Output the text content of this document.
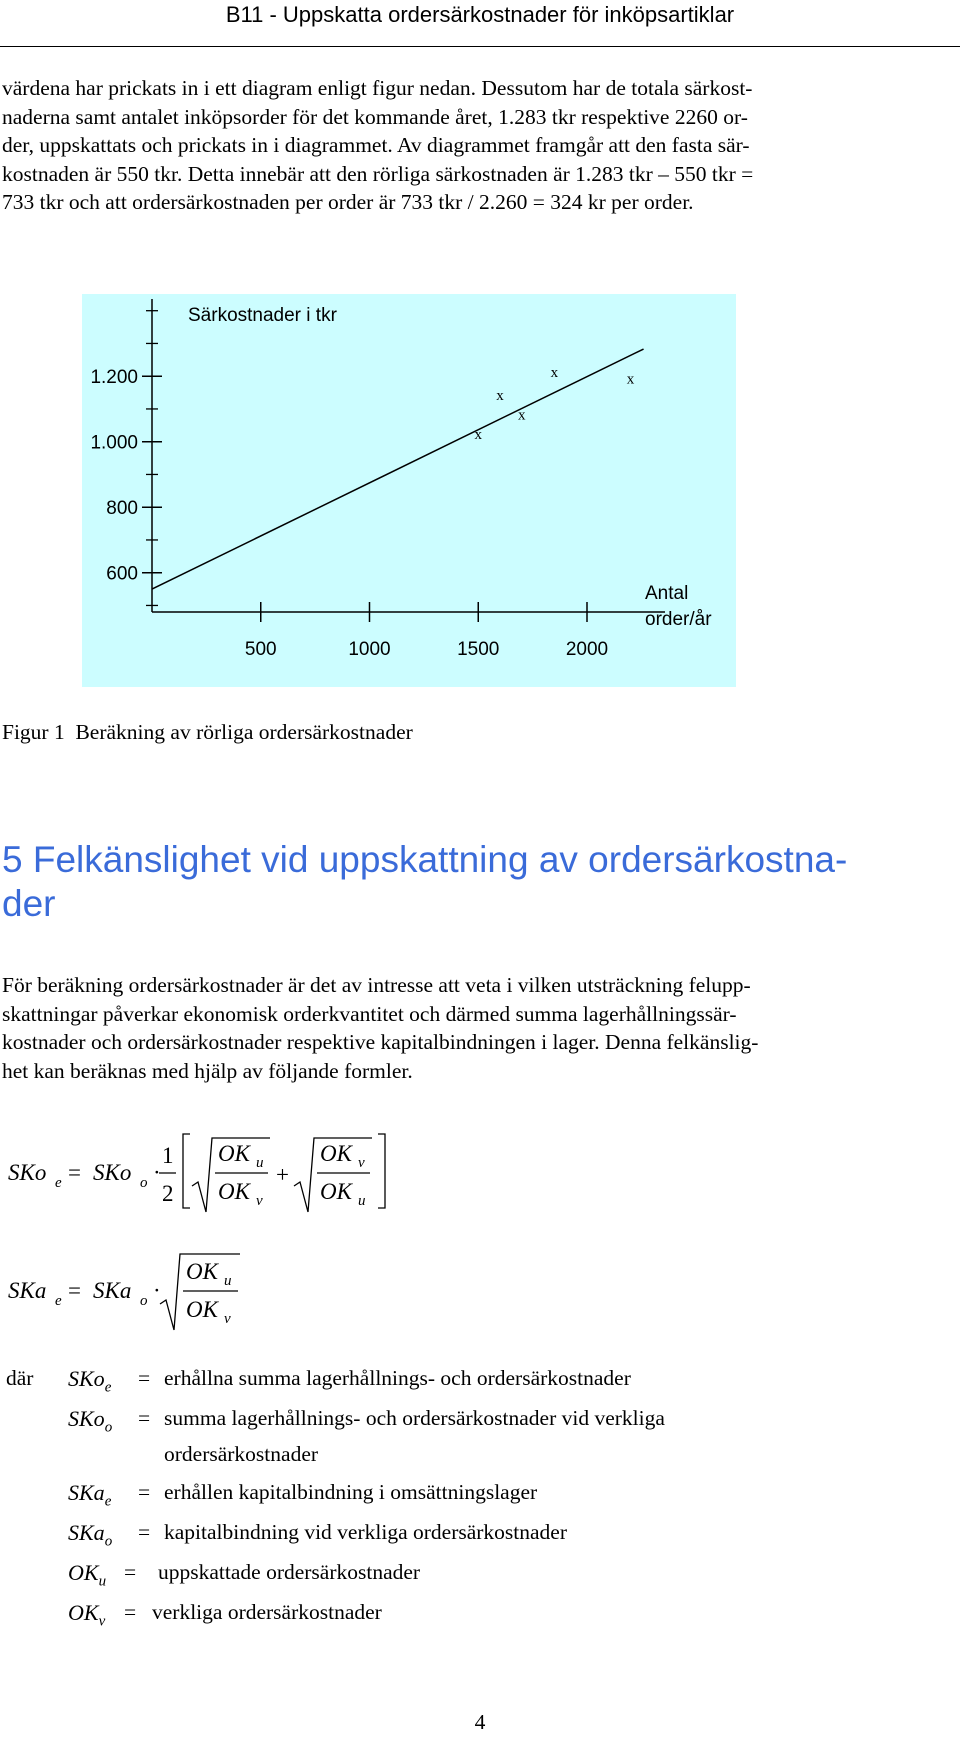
B11 - Uppskatta ordersärkostnader för inköpsartiklar
värdena har prickats in i ett diagram enligt figur nedan. Dessutom har de totala särkost-
naderna samt antalet inköpsorder för det kommande året, 1.283 tkr respektive 2260 or-
der, uppskattats och prickats in i diagrammet. Av diagrammet framgår att den fasta sär-
kostnaden är 550 tkr. Detta innebär att den rörliga särkostnaden är 1.283 tkr – 550 tkr =
733 tkr och att ordersärkostnaden per order är 733 tkr / 2.260 = 324 kr per order.
600
800
1.000
1.200
500	1000	1500	2000
x
x
x
x	x
Särkostnader i tkr
Antal
order/år
Figur 1  Beräkning av rörliga ordersärkostnader
5 Felkänslighet vid uppskattning av ordersärkostna-
der
För beräkning ordersärkostnader är det av intresse att veta i vilken utsträckning felupp-
skattningar påverkar ekonomisk orderkvantitet och därmed summa lagerhållningssär-
kostnader och ordersärkostnader respektive kapitalbindningen i lager. Denna felkänslig-
het kan beräknas med hjälp av följande formler.
SKo e = SKo o ·
1
2
OK u
OK v
+
OK v
OK u
SKa e = SKa o ·
OK u
OK v
där SKo$_e$ = erhållna summa lagerhållnings- och ordersärkostnader
SKo$_o$ = summa lagerhållnings- och ordersärkostnader vid verkliga
ordersärkostnader
SKa$_e$ = erhållen kapitalbindning i omsättningslager
SKa$_o$ = kapitalbindning vid verkliga ordersärkostnader
$OK_u$ = uppskattade ordersärkostnader
$OK_v$ = verkliga ordersärkostnader
4
